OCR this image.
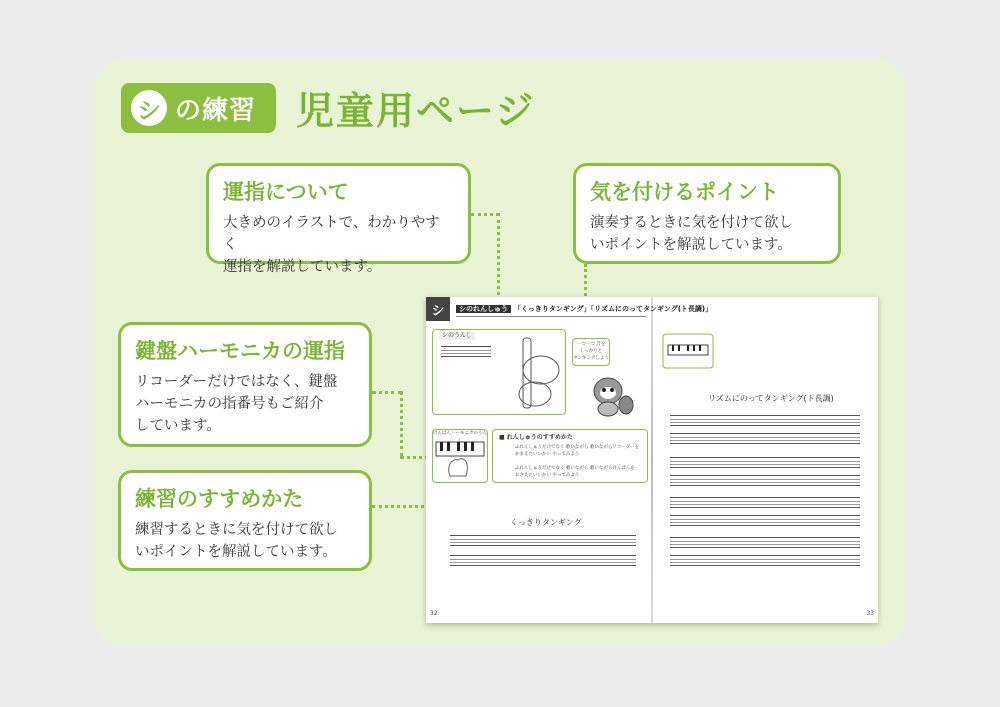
シ の練習 児童用ページ
運指について

大きめのイラストで、わかりやすく
運指を解説しています。

気を付けるポイント

演奏するときに気を付けて欲し
いポイントを解説しています。

鍵盤ハーモニカの運指

リコーダーだけではなく、鍵盤
ハーモニカの指番号もご紹介
しています。

練習のすすめかた

練習するときに気を付けて欲し
いポイントを解説しています。

シ	シのれんしゅう 「くっきりタンギング」「リズムにのってタンギング(ト長調)」
シのうんし
一つ一つ 音を
しっかりと
タンギングしよう
けんばんハーモニカのうん
■ れんしゅうのすすめかた
ふれんしゅうだけでなく 歌いながら 歌いながらリコーダーを
かまえたいいかい やってみよう

ふれんしゅうだけでなく 歌いながら 歌いながらけんばんを
おさえたいいかい やってみよう
くっきりタンギング
リズムにのってタンギング(ト長調)
32	33
